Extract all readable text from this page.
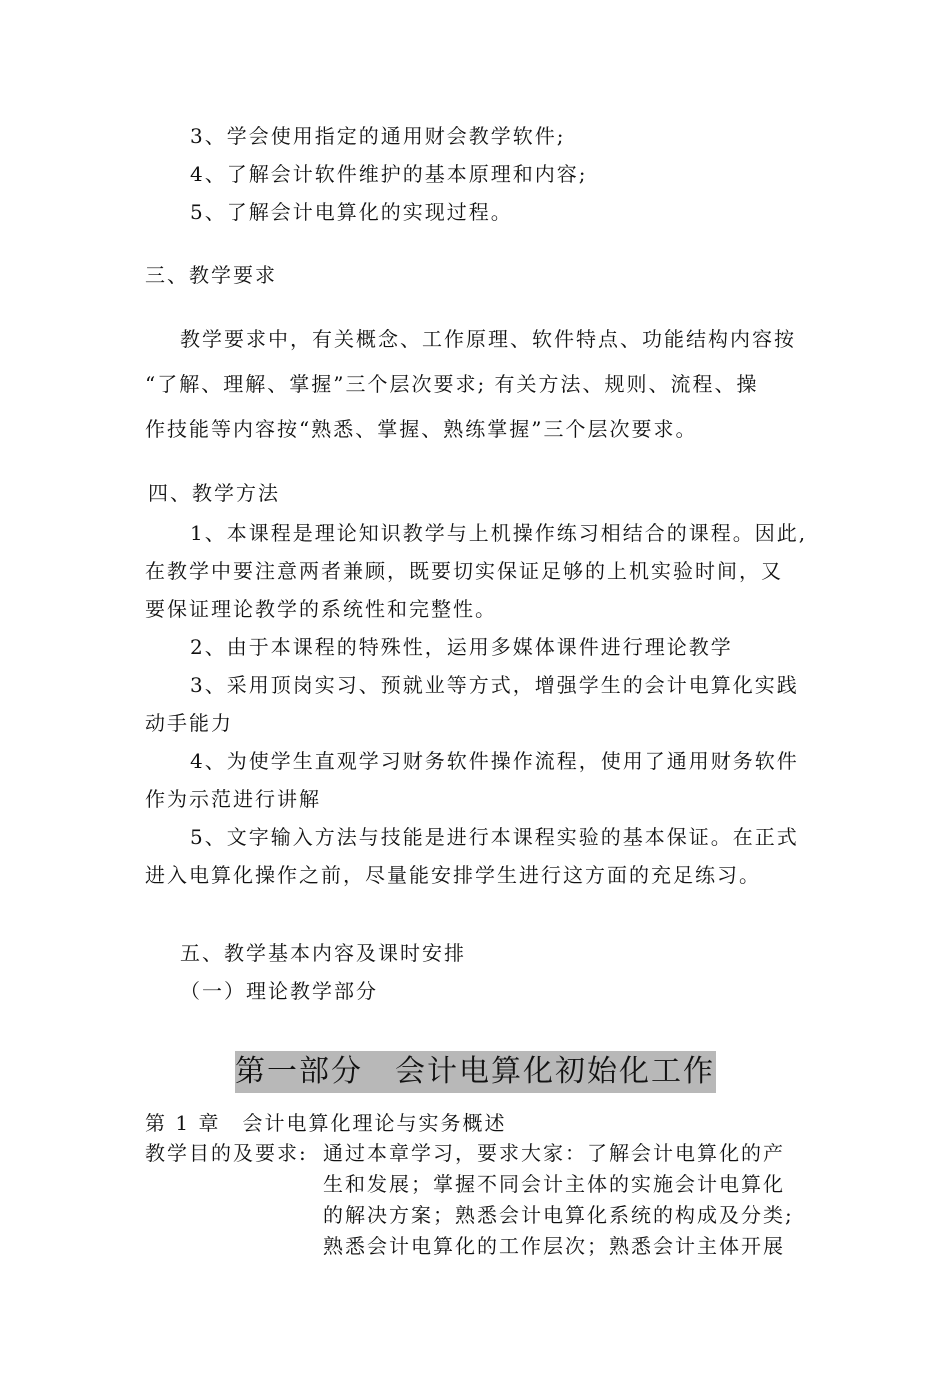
3、学会使用指定的通用财会教学软件;
4、了解会计软件维护的基本原理和内容;
5、了解会计电算化的实现过程。
三、教学要求
教学要求中，有关概念、工作原理、软件特点、功能结构内容按
“了解、理解、掌握”三个层次要求; 有关方法、规则、流程、操
作技能等内容按“熟悉、掌握、熟练掌握”三个层次要求。
四、教学方法
1、本课程是理论知识教学与上机操作练习相结合的课程。因此,
在教学中要注意两者兼顾，既要切实保证足够的上机实验时间，又
要保证理论教学的系统性和完整性。
2、由于本课程的特殊性，运用多媒体课件进行理论教学
3、采用顶岗实习、预就业等方式，增强学生的会计电算化实践
动手能力
4、为使学生直观学习财务软件操作流程，使用了通用财务软件
作为示范进行讲解
5、文字输入方法与技能是进行本课程实验的基本保证。在正式
进入电算化操作之前，尽量能安排学生进行这方面的充足练习。
五、教学基本内容及课时安排
（一）理论教学部分
第一部分　会计电算化初始化工作
第 1 章　会计电算化理论与实务概述
教学目的及要求: 通过本章学习，要求大家：了解会计电算化的产
生和发展；掌握不同会计主体的实施会计电算化
的解决方案；熟悉会计电算化系统的构成及分类;
熟悉会计电算化的工作层次；熟悉会计主体开展
